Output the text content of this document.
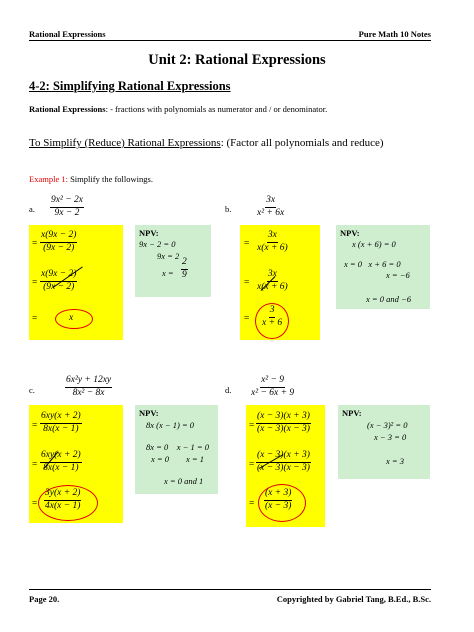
Rational Expressions	Pure Math 10 Notes
Unit 2: Rational Expressions
4-2: Simplifying Rational Expressions
Rational Expressions: - fractions with polynomials as numerator and / or denominator.
To Simplify (Reduce) Rational Expressions: (Factor all polynomials and reduce)
Example 1: Simplify the followings.
a. $\frac{\text{9x² − 2x}}{9x - 2}$
= $\frac{x(9x - 2)}{(9x - 2)}$
= $\frac{x(9x - 2)}{(9x - 2)}$
=	x
NPV:
9x − 2 = 0
9x = 2
$x = \frac{2}{9}$
b.	$\frac{3x}{\text{x² + 6x}}$
= $\frac{3x}{x(x + 6)}$
= $\frac{3x}{x(x + 6)}$
= $\frac{3}{x + 6}$
NPV:
x (x + 6) = 0
x = 0   x + 6 = 0
x = −6
x = 0 and −6
c.	$\frac{\text{6x²y + 12xy}}{\text{8x² − 8x}}$
= $\frac{6xy(x + 2)}{8x(x - 1)}$
= $\frac{6xy(x + 2)}{8x(x - 1)}$
= $\frac{3y(x + 2)}{4x(x - 1)}$
NPV:
8x (x − 1) = 0
8x = 0    x − 1 = 0
x = 0        x = 1
x = 0 and 1
d. $\frac{\text{x² − 9}}{\text{x² − 6x + 9}}$
= $\frac{(x - 3)(x + 3)}{(x - 3)(x - 3)}$
= $\frac{(x - 3)(x + 3)}{(x - 3)(x - 3)}$
= $\frac{(x + 3)}{(x - 3)}$
NPV:
(x − 3)² = 0
x − 3 = 0
x = 3
Page 20.	Copyrighted by Gabriel Tang, B.Ed., B.Sc.
